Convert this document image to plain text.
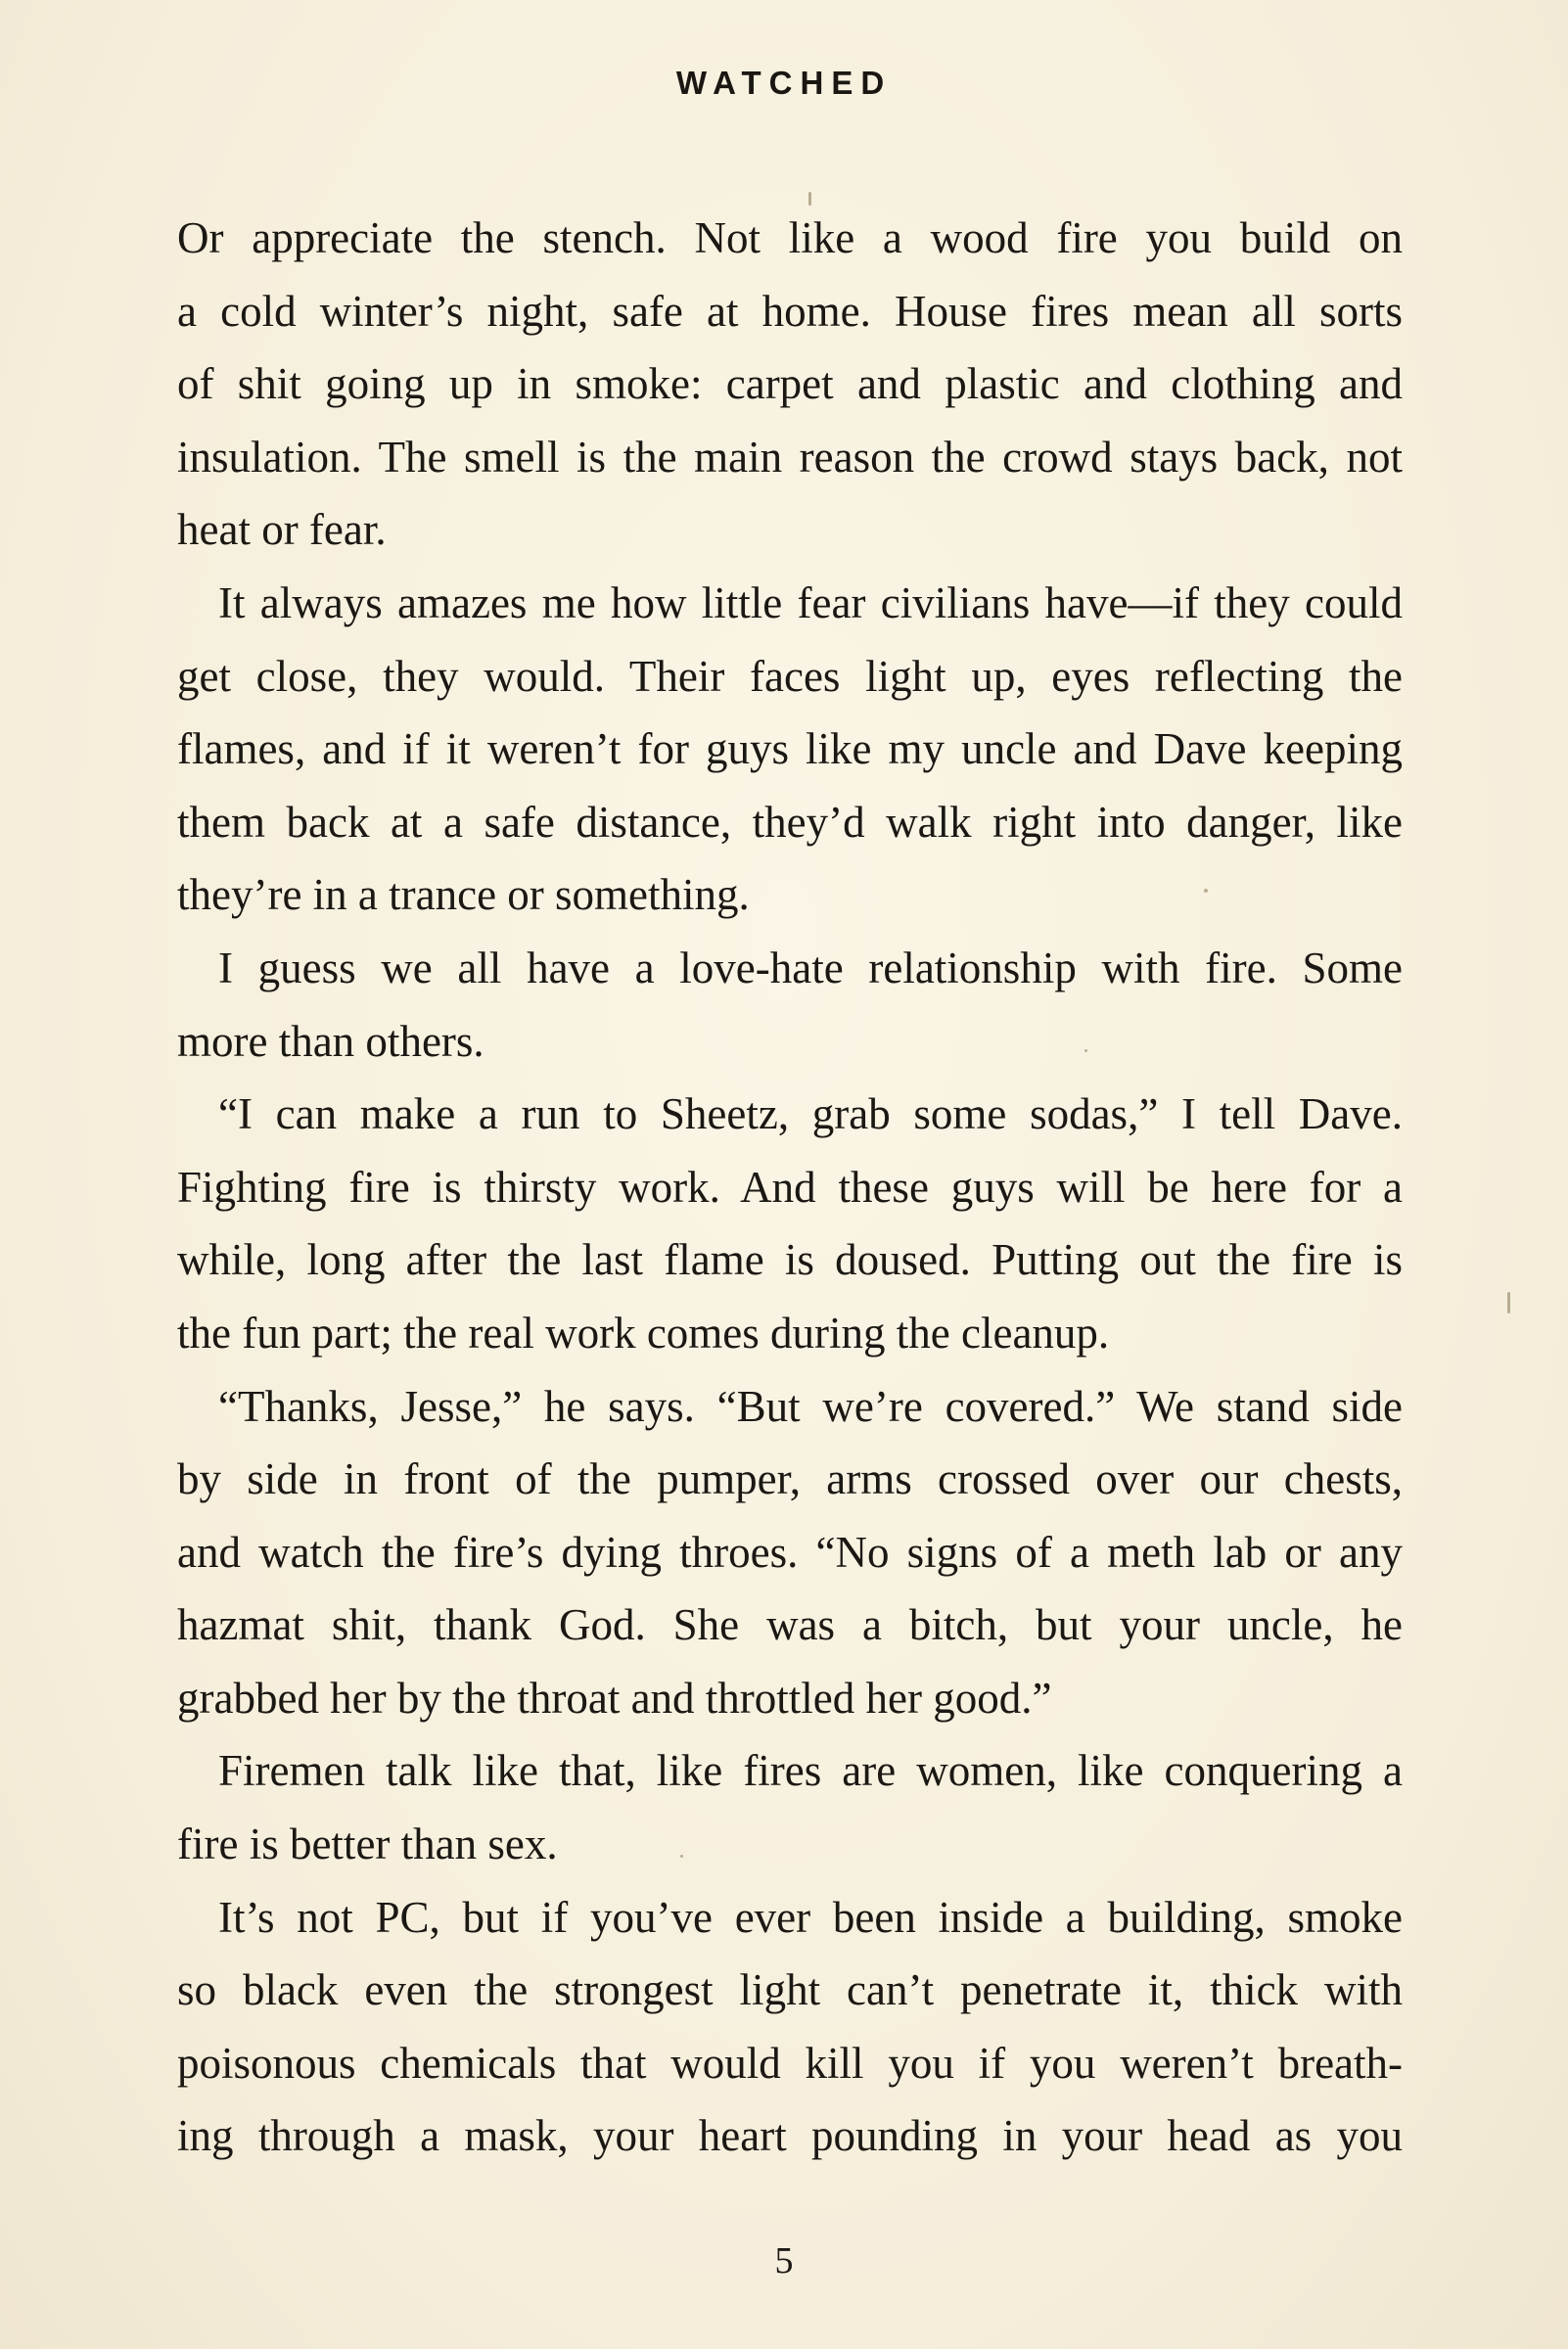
WATCHED
Or appreciate the stench. Not like a wood fire you build on
a cold winter’s night, safe at home. House fires mean all sorts
of shit going up in smoke: carpet and plastic and clothing and
insulation. The smell is the main reason the crowd stays back, not
heat or fear.
It always amazes me how little fear civilians have—if they could
get close, they would. Their faces light up, eyes reflecting the
flames, and if it weren’t for guys like my uncle and Dave keeping
them back at a safe distance, they’d walk right into danger, like
they’re in a trance or something.
I guess we all have a love-hate relationship with fire. Some
more than others.
“I can make a run to Sheetz, grab some sodas,” I tell Dave.
Fighting fire is thirsty work. And these guys will be here for a
while, long after the last flame is doused. Putting out the fire is
the fun part; the real work comes during the cleanup.
“Thanks, Jesse,” he says. “But we’re covered.” We stand side
by side in front of the pumper, arms crossed over our chests,
and watch the fire’s dying throes. “No signs of a meth lab or any
hazmat shit, thank God. She was a bitch, but your uncle, he
grabbed her by the throat and throttled her good.”
Firemen talk like that, like fires are women, like conquering a
fire is better than sex.
It’s not PC, but if you’ve ever been inside a building, smoke
so black even the strongest light can’t penetrate it, thick with
poisonous chemicals that would kill you if you weren’t breath-
ing through a mask, your heart pounding in your head as you
5
